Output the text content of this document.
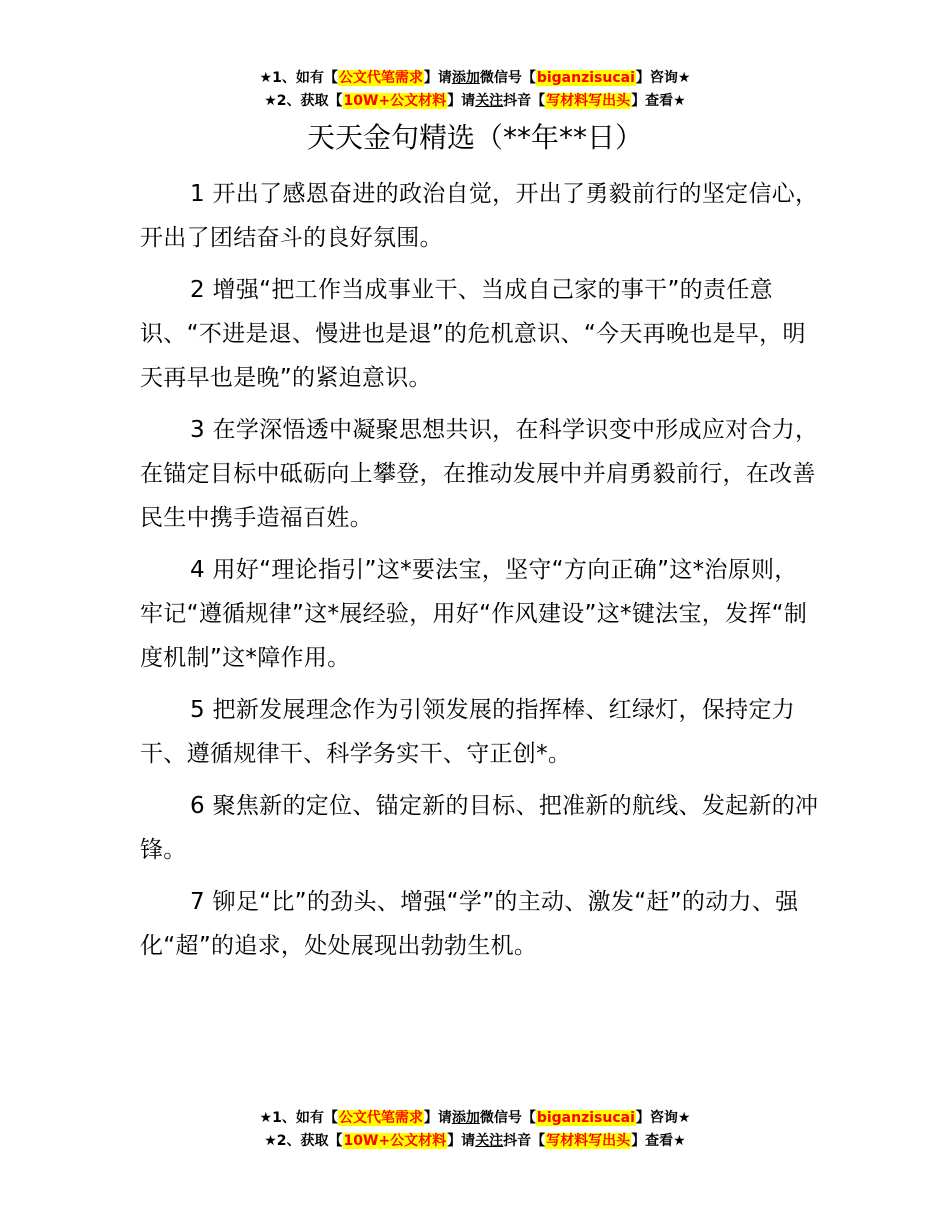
★1、如有【公文代笔需求】请添加微信号【biganzisucai】咨询★
★2、获取【10W+公文材料】请关注抖音【写材料写出头】查看★
天天金句精选（**年**日）

1 开出了感恩奋进的政治自觉，开出了勇毅前行的坚定信心，开出了团结奋斗的良好氛围。

2 增强“把工作当成事业干、当成自己家的事干”的责任意识、“不进是退、慢进也是退”的危机意识、“今天再晚也是早，明天再早也是晚”的紧迫意识。

3 在学深悟透中凝聚思想共识，在科学识变中形成应对合力，在锚定目标中砥砺向上攀登，在推动发展中并肩勇毅前行，在改善民生中携手造福百姓。

4 用好“理论指引”这*要法宝，坚守“方向正确”这*治原则，牢记“遵循规律”这*展经验，用好“作风建设”这*键法宝，发挥“制度机制”这*障作用。

5 把新发展理念作为引领发展的指挥棒、红绿灯，保持定力干、遵循规律干、科学务实干、守正创*。

6 聚焦新的定位、锚定新的目标、把准新的航线、发起新的冲锋。

7 铆足“比”的劲头、增强“学”的主动、激发“赶”的动力、强化“超”的追求，处处展现出勃勃生机。

★1、如有【公文代笔需求】请添加微信号【biganzisucai】咨询★
★2、获取【10W+公文材料】请关注抖音【写材料写出头】查看★
